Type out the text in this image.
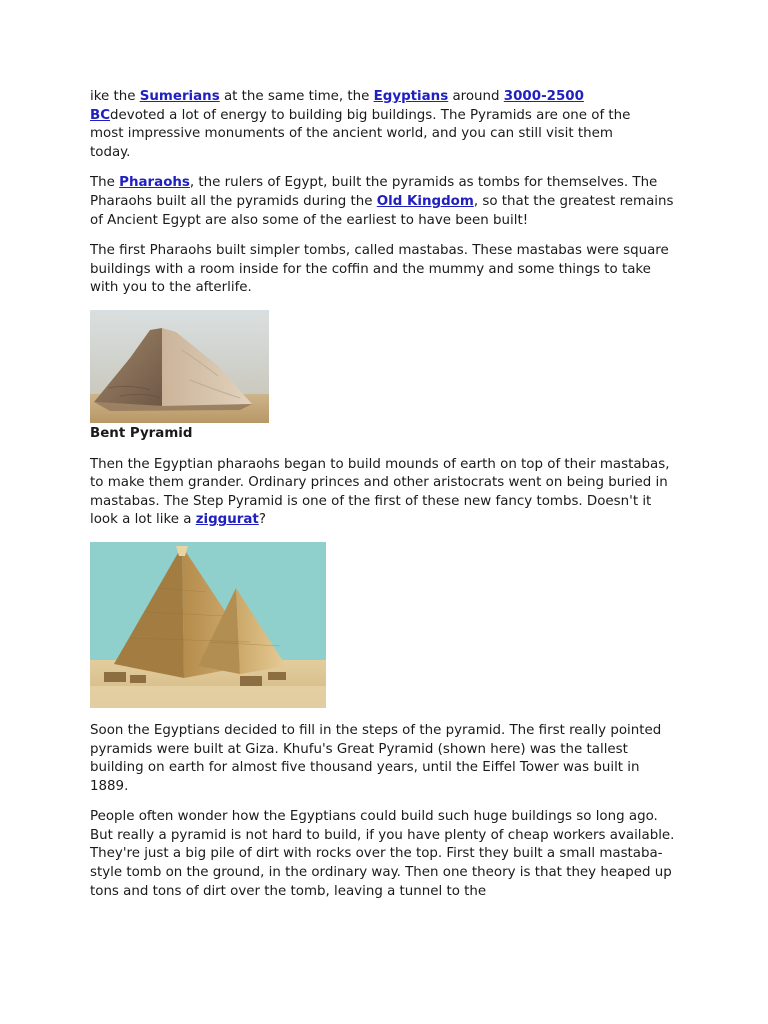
ike the Sumerians at the same time, the Egyptians around 3000-2500 BCdevoted a lot of energy to building big buildings. The Pyramids are one of the most impressive monuments of the ancient world, and you can still visit them today.

The Pharaohs, the rulers of Egypt, built the pyramids as tombs for themselves. The Pharaohs built all the pyramids during the Old Kingdom, so that the greatest remains of Ancient Egypt are also some of the earliest to have been built!

The first Pharaohs built simpler tombs, called mastabas. These mastabas were square buildings with a room inside for the coffin and the mummy and some things to take with you to the afterlife.

Bent Pyramid

Then the Egyptian pharaohs began to build mounds of earth on top of their mastabas, to make them grander. Ordinary princes and other aristocrats went on being buried in mastabas. The Step Pyramid is one of the first of these new fancy tombs. Doesn't it look a lot like a ziggurat?

Soon the Egyptians decided to fill in the steps of the pyramid. The first really pointed pyramids were built at Giza. Khufu's Great Pyramid (shown here) was the tallest building on earth for almost five thousand years, until the Eiffel Tower was built in 1889.

People often wonder how the Egyptians could build such huge buildings so long ago. But really a pyramid is not hard to build, if you have plenty of cheap workers available. They're just a big pile of dirt with rocks over the top. First they built a small mastaba-style tomb on the ground, in the ordinary way. Then one theory is that they heaped up tons and tons of dirt over the tomb, leaving a tunnel to the
